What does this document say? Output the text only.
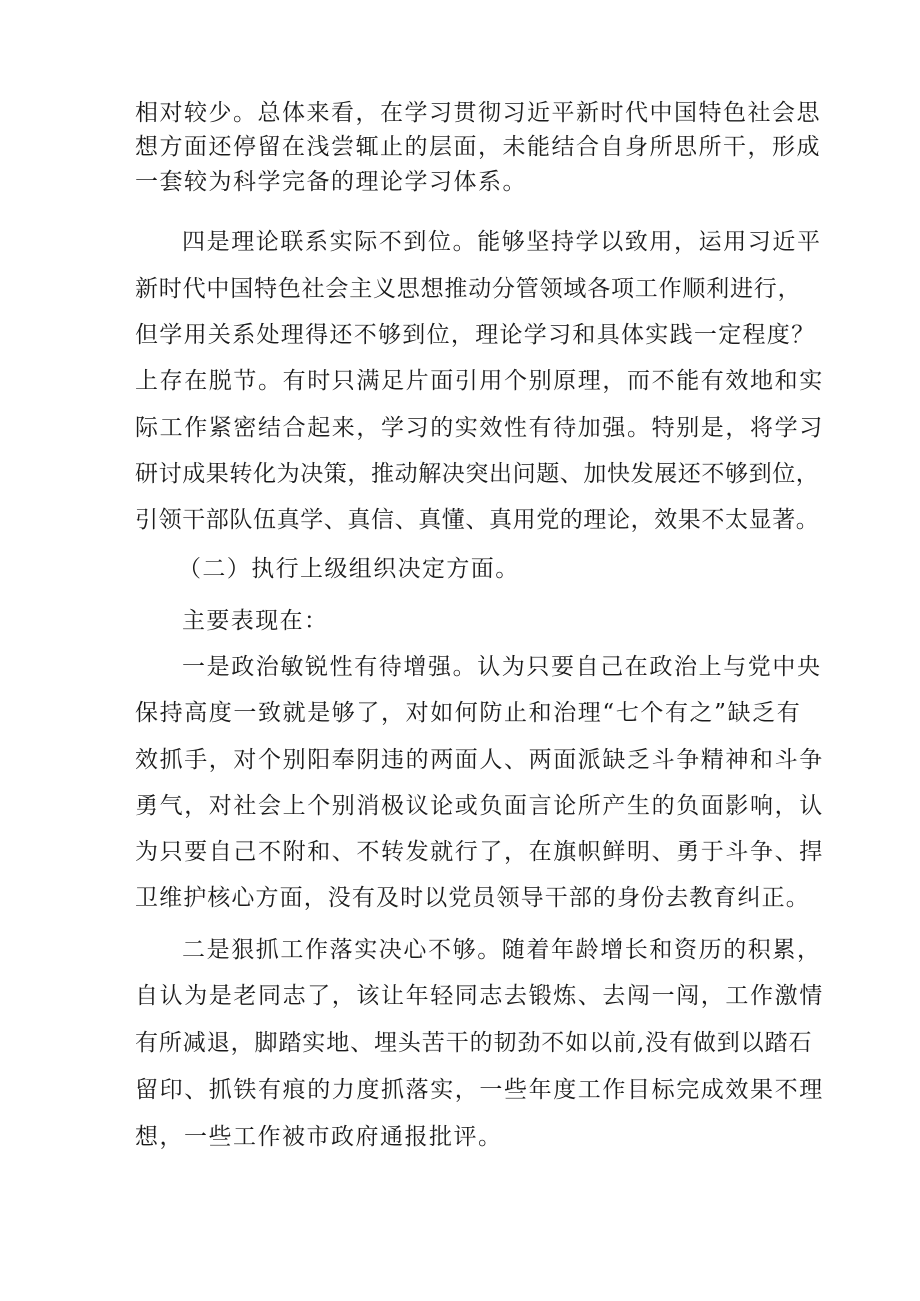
相对较少。总体来看，在学习贯彻习近平新时代中国特色社会思
想方面还停留在浅尝辄止的层面，未能结合自身所思所干，形成
一套较为科学完备的理论学习体系。
四是理论联系实际不到位。能够坚持学以致用，运用习近平
新时代中国特色社会主义思想推动分管领域各项工作顺利进行，
但学用关系处理得还不够到位，理论学习和具体实践一定程度？
上存在脱节。有时只满足片面引用个别原理，而不能有效地和实
际工作紧密结合起来，学习的实效性有待加强。特别是，将学习
研讨成果转化为决策，推动解决突出问题、加快发展还不够到位，
引领干部队伍真学、真信、真懂、真用党的理论，效果不太显著。
（二）执行上级组织决定方面。
主要表现在：
一是政治敏锐性有待增强。认为只要自己在政治上与党中央
保持高度一致就是够了，对如何防止和治理“七个有之”缺乏有
效抓手，对个别阳奉阴违的两面人、两面派缺乏斗争精神和斗争
勇气，对社会上个别消极议论或负面言论所产生的负面影响，认
为只要自己不附和、不转发就行了，在旗帜鲜明、勇于斗争、捍
卫维护核心方面，没有及时以党员领导干部的身份去教育纠正。
二是狠抓工作落实决心不够。随着年龄增长和资历的积累，
自认为是老同志了，该让年轻同志去锻炼、去闯一闯，工作激情
有所减退，脚踏实地、埋头苦干的韧劲不如以前,没有做到以踏石
留印、抓铁有痕的力度抓落实，一些年度工作目标完成效果不理
想，一些工作被市政府通报批评。
